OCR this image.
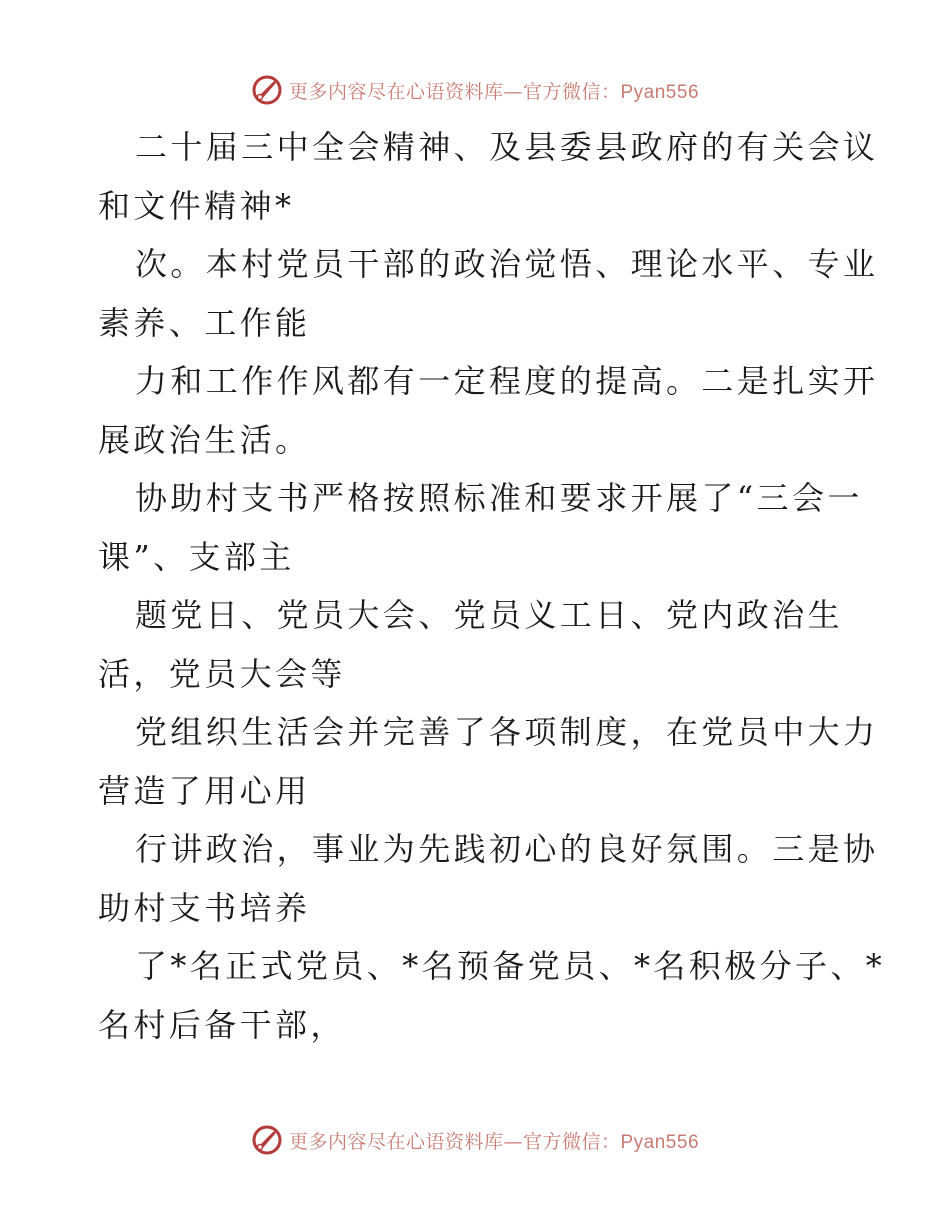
更多内容尽在心语资料库—官方微信：Pyan556
二十届三中全会精神、及县委县政府的有关会议
和文件精神*
次。本村党员干部的政治觉悟、理论水平、专业
素养、工作能
力和工作作风都有一定程度的提高。二是扎实开
展政治生活。
协助村支书严格按照标准和要求开展了“三会一
课”、支部主
题党日、党员大会、党员义工日、党内政治生
活，党员大会等
党组织生活会并完善了各项制度，在党员中大力
营造了用心用
行讲政治，事业为先践初心的良好氛围。三是协
助村支书培养
了*名正式党员、*名预备党员、*名积极分子、*
名村后备干部，
更多内容尽在心语资料库—官方微信：Pyan556
